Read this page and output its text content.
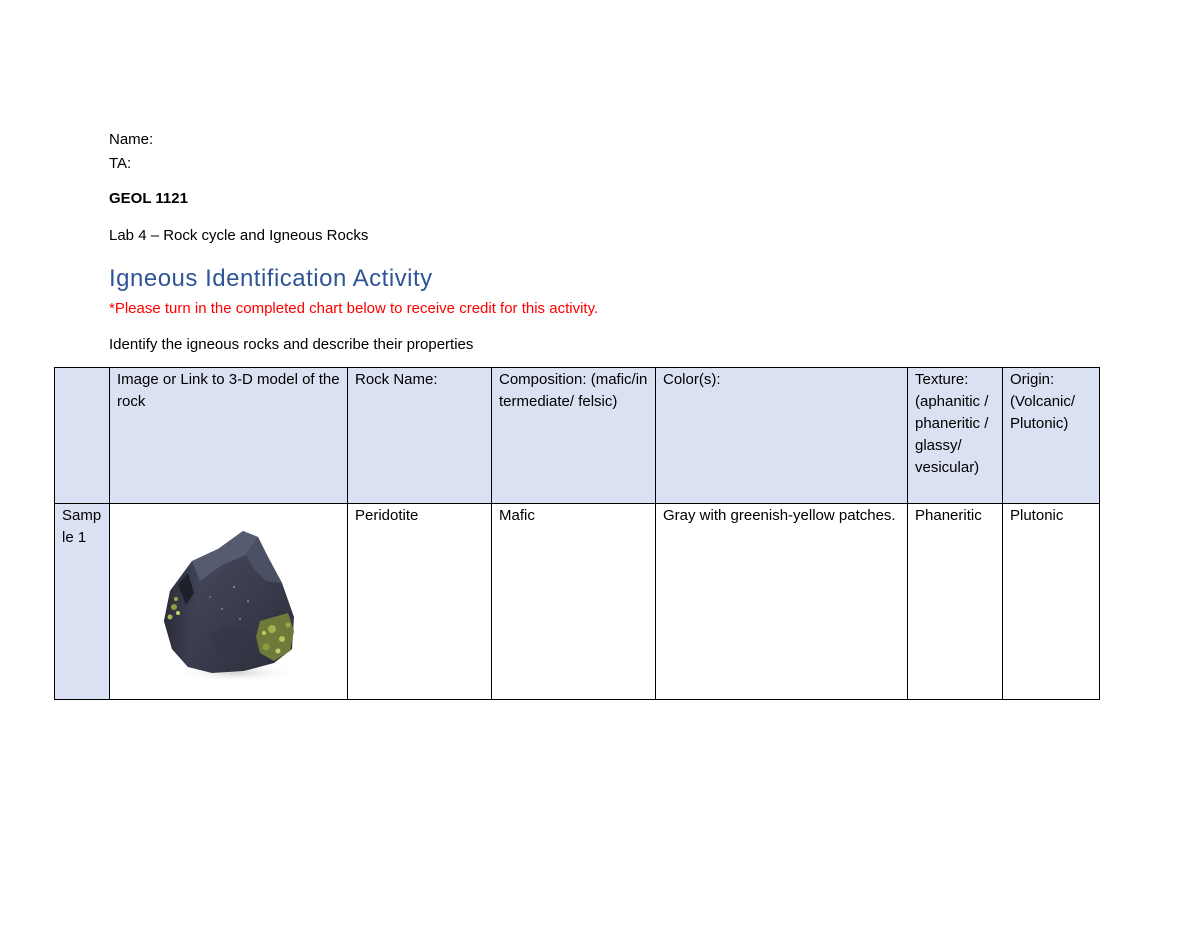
Name:
TA:
GEOL 1121
Lab 4 – Rock cycle and Igneous Rocks
Igneous Identification Activity
*Please turn in the completed chart below to receive credit for this activity.
Identify the igneous rocks and describe their properties
	Image or Link to 3-D model of the rock	Rock Name:	Composition: (mafic/intermediate/ felsic)	Color(s):	Texture: (aphanitic / phaneritic / glassy/ vesicular)	Origin: (Volcanic/ Plutonic)
Sample 1		Peridotite	Mafic	Gray with greenish-yellow patches.	Phaneritic	Plutonic
